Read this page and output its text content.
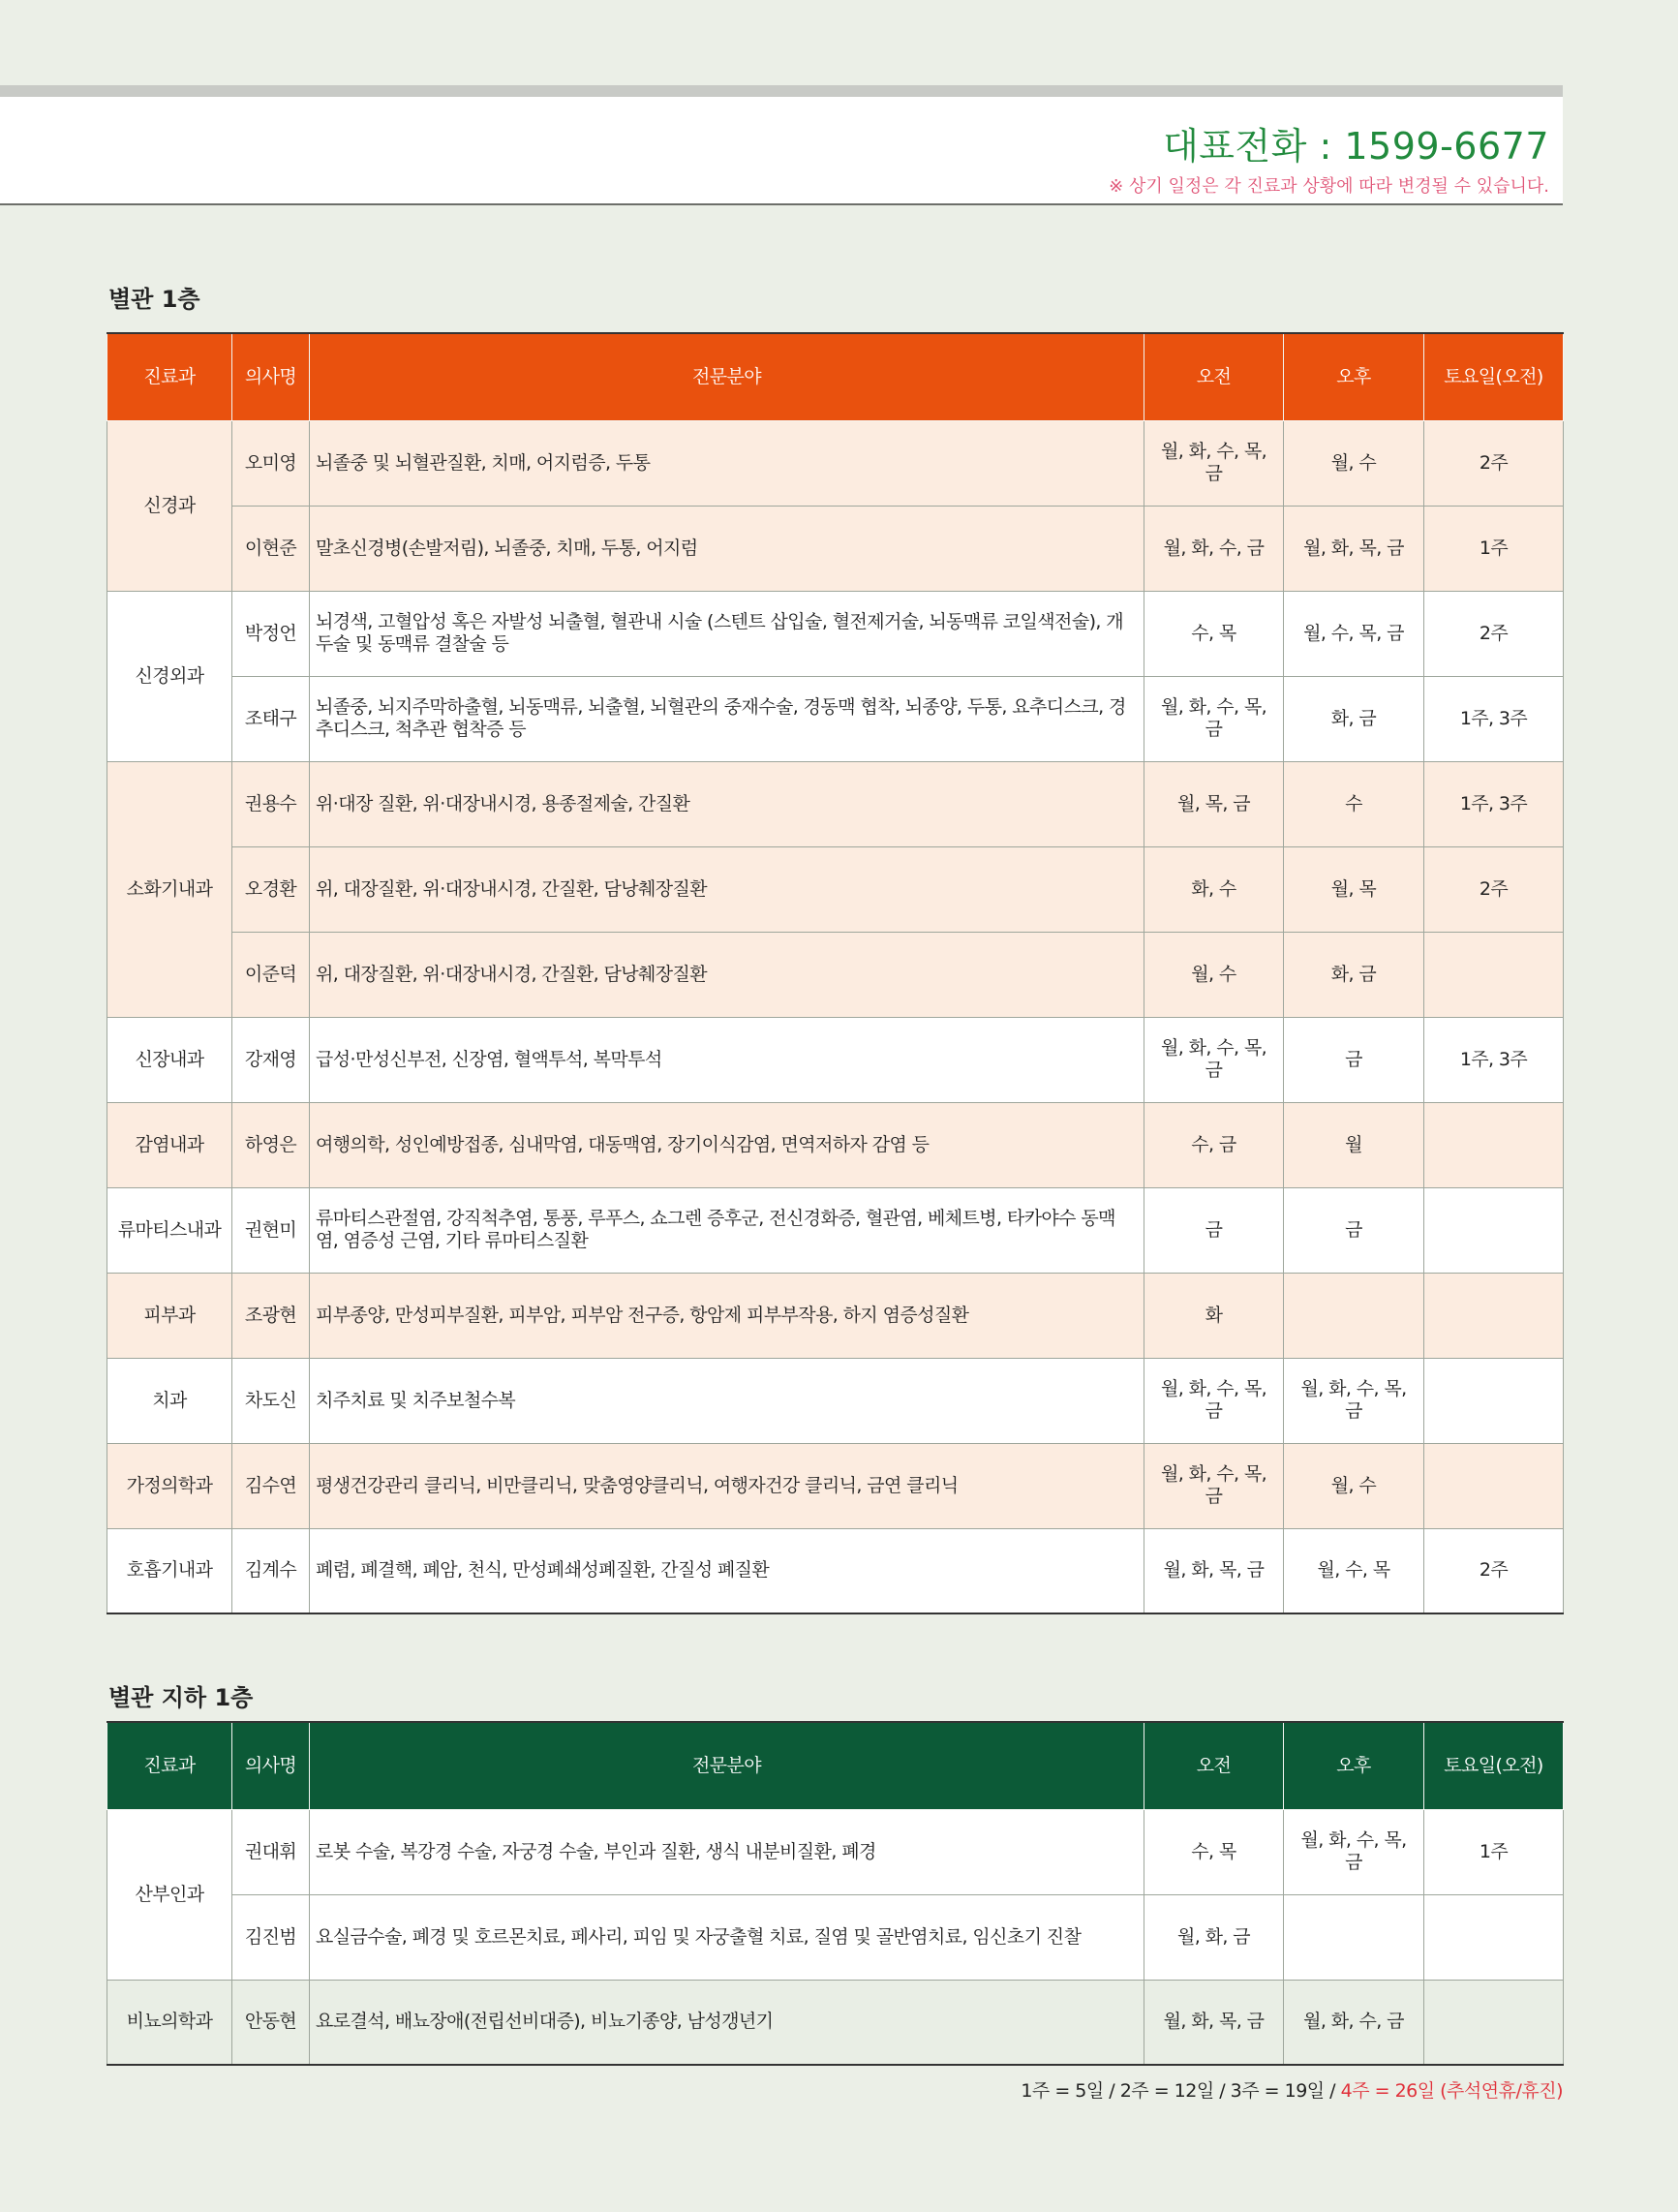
대표전화 : 1599-6677
※ 상기 일정은 각 진료과 상황에 따라 변경될 수 있습니다.
별관 1층
진료과	의사명	전문분야	오전	오후	토요일(오전)
신경과	오미영	뇌졸중 및 뇌혈관질환, 치매, 어지럼증, 두통	월, 화, 수, 목, 금	월, 수	2주
	이현준	말초신경병(손발저림), 뇌졸중, 치매, 두통, 어지럼	월, 화, 수, 금	월, 화, 목, 금	1주
신경외과	박정언	뇌경색, 고혈압성 혹은 자발성 뇌출혈, 혈관내 시술 (스텐트 삽입술, 혈전제거술, 뇌동맥류 코일색전술), 개두술 및 동맥류 결찰술 등	수, 목	월, 수, 목, 금	2주
	조태구	뇌졸중, 뇌지주막하출혈, 뇌동맥류, 뇌출혈, 뇌혈관의 중재수술, 경동맥 협착, 뇌종양, 두통, 요추디스크, 경추디스크, 척추관 협착증 등	월, 화, 수, 목, 금	화, 금	1주, 3주
소화기내과	권용수	위·대장 질환, 위·대장내시경, 용종절제술, 간질환	월, 목, 금	수	1주, 3주
	오경환	위, 대장질환, 위·대장내시경, 간질환, 담낭췌장질환	화, 수	월, 목	2주
	이준덕	위, 대장질환, 위·대장내시경, 간질환, 담낭췌장질환	월, 수	화, 금	
신장내과	강재영	급성·만성신부전, 신장염, 혈액투석, 복막투석	월, 화, 수, 목, 금	금	1주, 3주
감염내과	하영은	여행의학, 성인예방접종, 심내막염, 대동맥염, 장기이식감염, 면역저하자 감염 등	수, 금	월	
류마티스내과	권현미	류마티스관절염, 강직척추염, 통풍, 루푸스, 쇼그렌 증후군, 전신경화증, 혈관염, 베체트병, 타카야수 동맥염, 염증성 근염, 기타 류마티스질환	금	금	
피부과	조광현	피부종양, 만성피부질환, 피부암, 피부암 전구증, 항암제 피부부작용, 하지 염증성질환	화		
치과	차도신	치주치료 및 치주보철수복	월, 화, 수, 목, 금	월, 화, 수, 목, 금	
가정의학과	김수연	평생건강관리 클리닉, 비만클리닉, 맞춤영양클리닉, 여행자건강 클리닉, 금연 클리닉	월, 화, 수, 목, 금	월, 수	
호흡기내과	김계수	폐렴, 폐결핵, 폐암, 천식, 만성폐쇄성폐질환, 간질성 폐질환	월, 화, 목, 금	월, 수, 목	2주
별관 지하 1층
진료과	의사명	전문분야	오전	오후	토요일(오전)
산부인과	권대휘	로봇 수술, 복강경 수술, 자궁경 수술, 부인과 질환, 생식 내분비질환, 폐경	수, 목	월, 화, 수, 목, 금	1주
	김진범	요실금수술, 폐경 및 호르몬치료, 페사리, 피임 및 자궁출혈 치료, 질염 및 골반염치료, 임신초기 진찰	월, 화, 금		
비뇨의학과	안동현	요로결석, 배뇨장애(전립선비대증), 비뇨기종양, 남성갱년기	월, 화, 목, 금	월, 화, 수, 금	
1주 = 5일 / 2주 = 12일 / 3주 = 19일 / 4주 = 26일 (추석연휴/휴진)
